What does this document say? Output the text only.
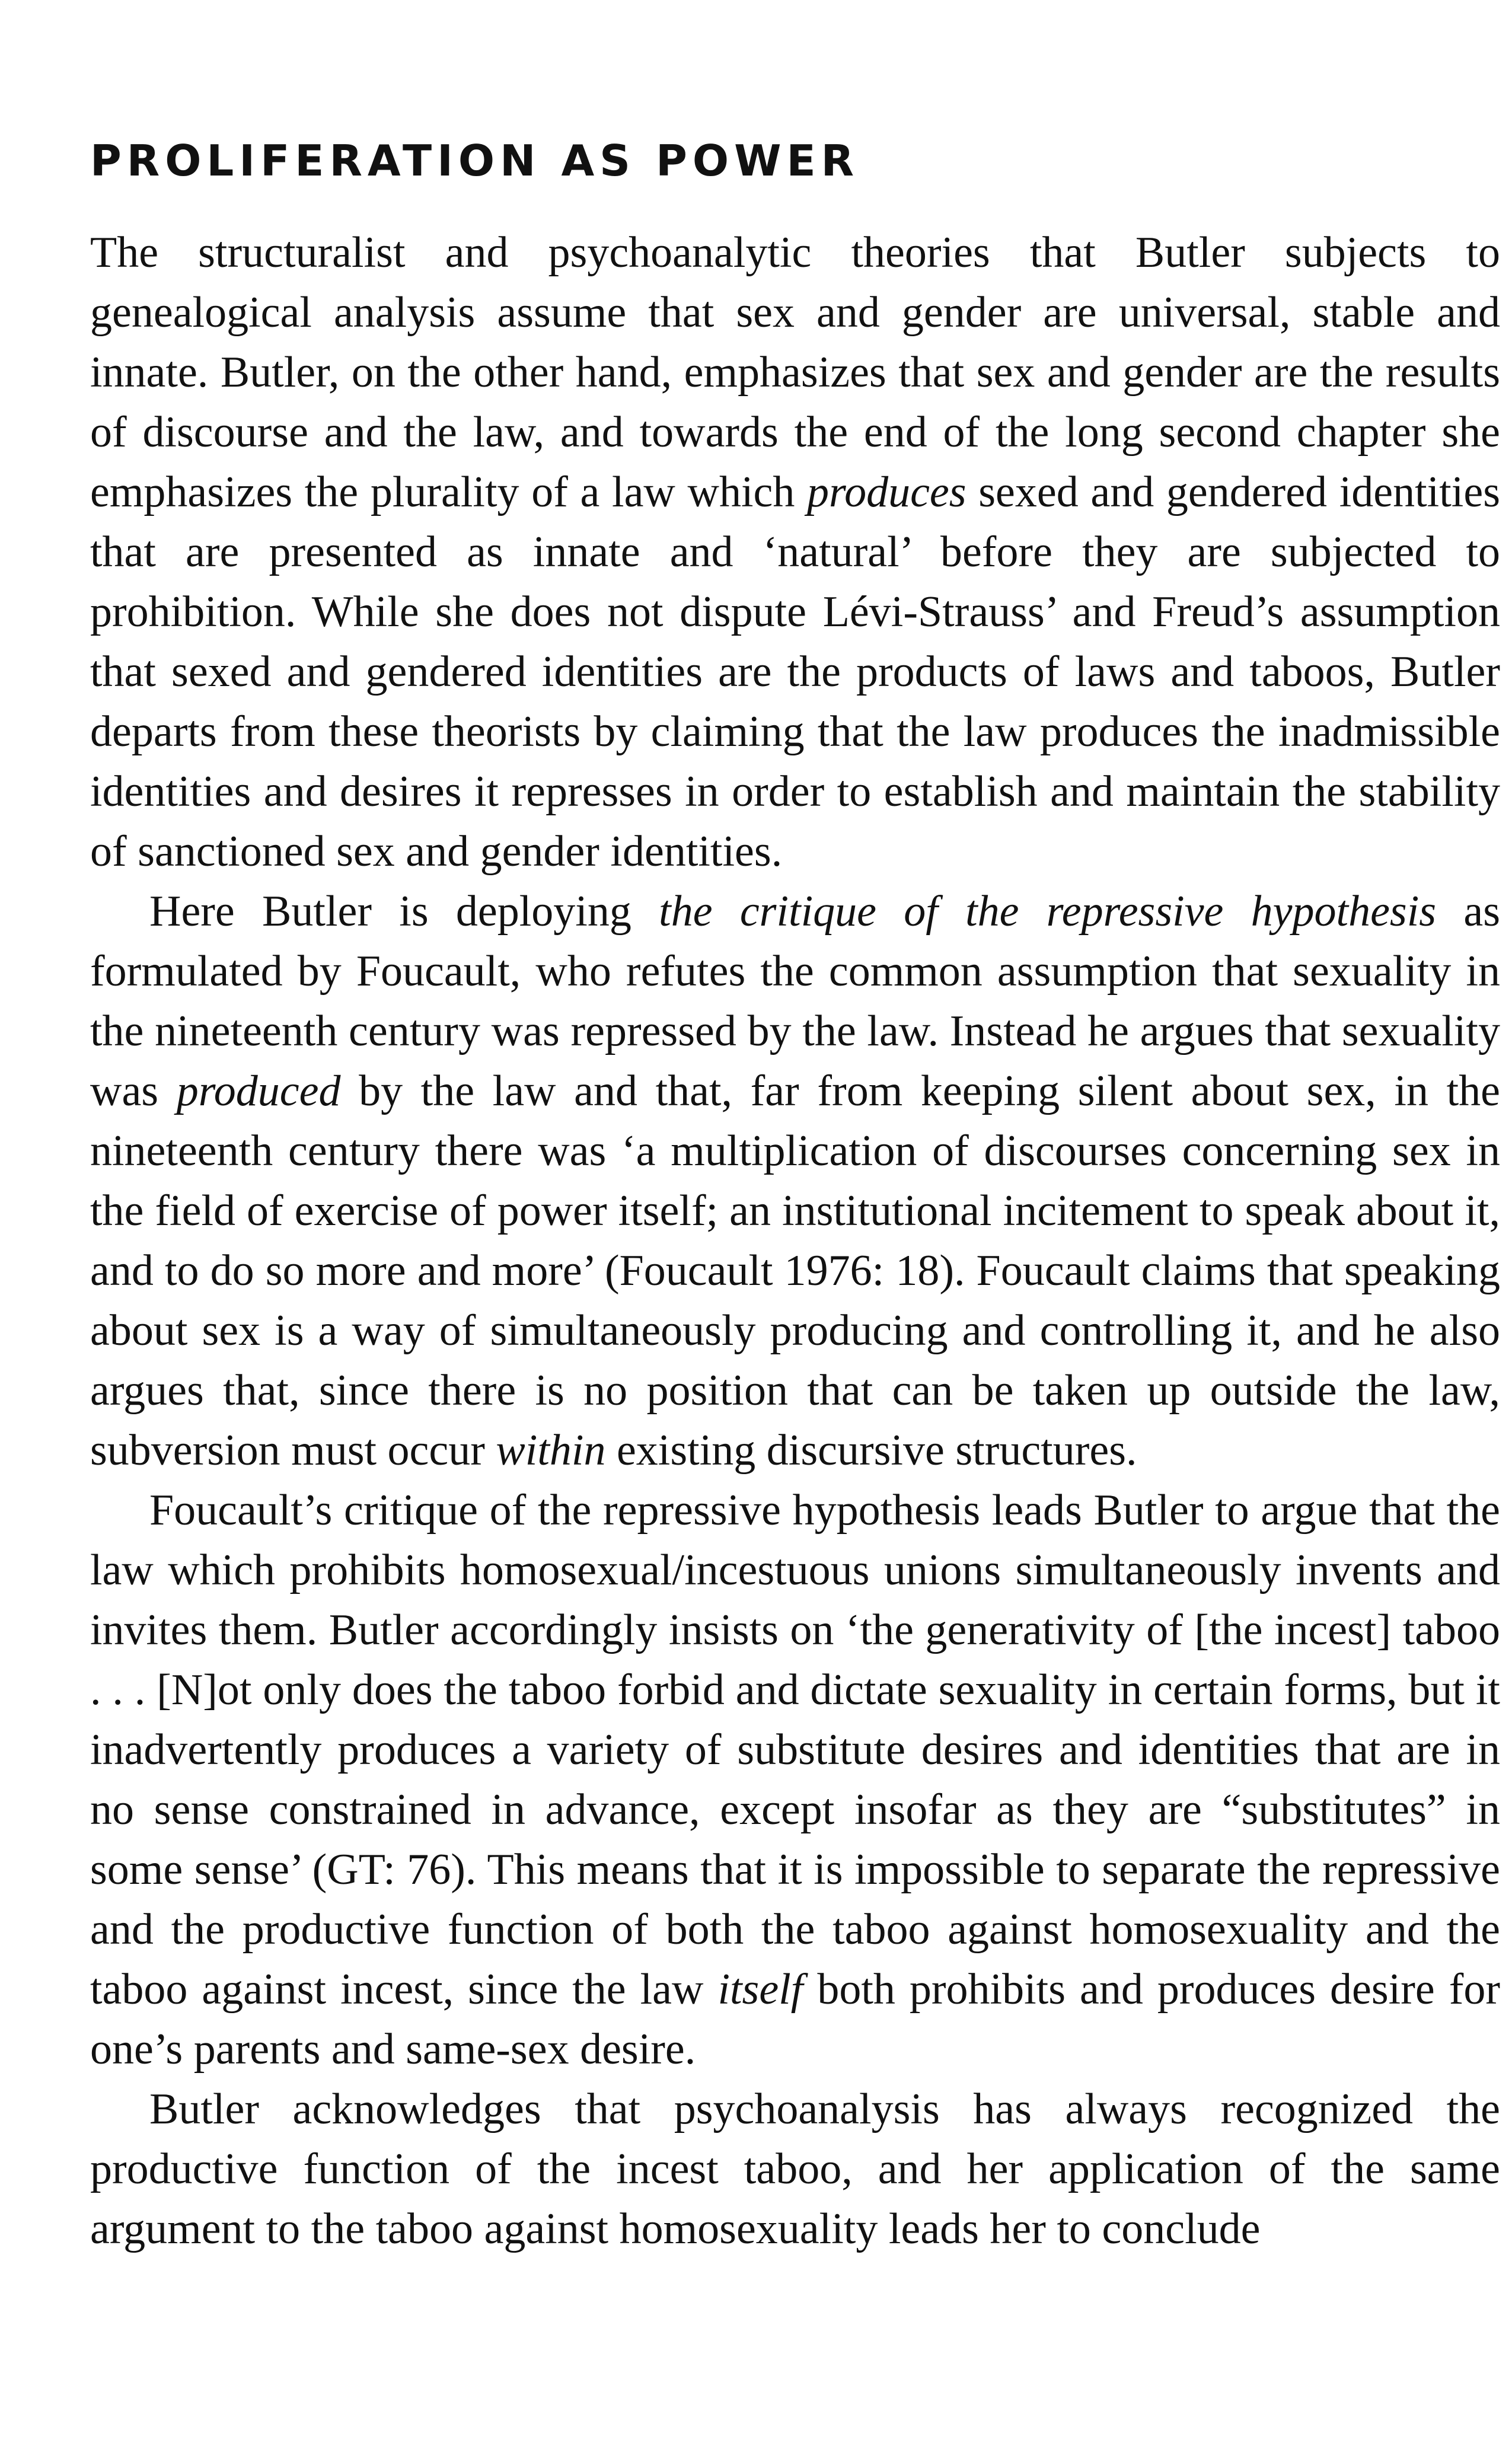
PROLIFERATION AS POWER

The structuralist and psychoanalytic theories that Butler subjects to genealogical analysis assume that sex and gender are universal, stable and innate. Butler, on the other hand, emphasizes that sex and gender are the results of discourse and the law, and towards the end of the long second chapter she emphasizes the plurality of a law which produces sexed and gendered identities that are presented as innate and ‘natural’ before they are subjected to prohibition. While she does not dispute Lévi-Strauss’ and Freud’s assumption that sexed and gendered identities are the products of laws and taboos, Butler departs from these theorists by claiming that the law produces the inadmissible identities and desires it represses in order to establish and maintain the stability of sanctioned sex and gender identities.

Here Butler is deploying the critique of the repressive hypothesis as formulated by Foucault, who refutes the common assumption that sexuality in the nineteenth century was repressed by the law. Instead he argues that sexuality was produced by the law and that, far from keeping silent about sex, in the nineteenth century there was ‘a multiplication of discourses concerning sex in the field of exercise of power itself; an institutional incitement to speak about it, and to do so more and more’ (Foucault 1976: 18). Foucault claims that speaking about sex is a way of simultaneously producing and controlling it, and he also argues that, since there is no position that can be taken up outside the law, subversion must occur within existing discursive structures.

Foucault’s critique of the repressive hypothesis leads Butler to argue that the law which prohibits homosexual/incestuous unions simultaneously invents and invites them. Butler accordingly insists on ‘the generativity of [the incest] taboo . . . [N]ot only does the taboo forbid and dictate sexuality in certain forms, but it inadvertently produces a variety of substitute desires and identities that are in no sense constrained in advance, except insofar as they are “substitutes” in some sense’ (GT: 76). This means that it is impossible to separate the repressive and the productive function of both the taboo against homosexuality and the taboo against incest, since the law itself both prohibits and produces desire for one’s parents and same-sex desire.

Butler acknowledges that psychoanalysis has always recognized the productive function of the incest taboo, and her application of the same argument to the taboo against homosexuality leads her to conclude
